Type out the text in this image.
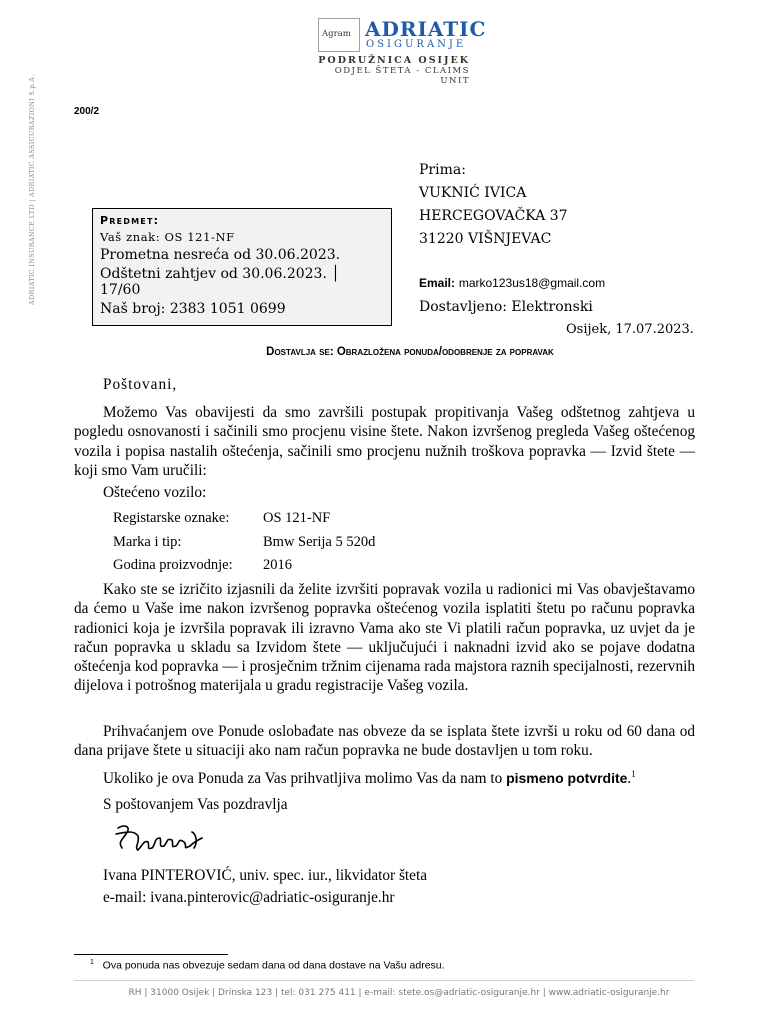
Agram ADRIATIC
OSIGURANJE
PODRUŽNICA OSIJEK
ODJEL ŠTETA - CLAIMS UNIT
ADRIATIC INSURANCE LTD | ADRIATIC ASSICURAZIONI S.p.A.	200/2
Prima:
VUKNIĆ IVICA
HERCEGOVAČKA 37
31220 VIŠNJEVAC
Predmet:
Vaš znak: OS 121-NF
Prometna nesreća od 30.06.2023.
Odštetni zahtjev od 30.06.2023. │ 17/60
Naš broj: 2383 1051 0699
Email: marko123us18@gmail.com
Dostavljeno: Elektronski
Osijek, 17.07.2023.
Dostavlja se: Obrazložena ponuda/odobrenje za popravak
Poštovani,
Možemo Vas obavijesti da smo završili postupak propitivanja Vašeg odštetnog zahtjeva u pogledu osnovanosti i sačinili smo procjenu visine štete. Nakon izvršenog pregleda Vašeg oštećenog vozila i popisa nastalih oštećenja, sačinili smo procjenu nužnih troškova popravka — Izvid štete — koji smo Vam uručili:
Oštećeno vozilo:
Registarske oznake: OS 121-NF
Marka i tip:	Bmw Serija 5 520d
Godina proizvodnje: 2016
Kako ste se izričito izjasnili da želite izvršiti popravak vozila u radionici mi Vas obavještavamo da ćemo u Vaše ime nakon izvršenog popravka oštećenog vozila isplatiti štetu po računu popravka radionici koja je izvršila popravak ili izravno Vama ako ste Vi platili račun popravka, uz uvjet da je račun popravka u skladu sa Izvidom štete — uključujući i naknadni izvid ako se pojave dodatna oštećenja kod popravka — i prosječnim tržnim cijenama rada majstora raznih specijalnosti, rezervnih dijelova i potrošnog materijala u gradu registracije Vašeg vozila.
Prihvaćanjem ove Ponude oslobađate nas obveze da se isplata štete izvrši u roku od 60 dana od dana prijave štete u situaciji ako nam račun popravka ne bude dostavljen u tom roku.
Ukoliko je ova Ponuda za Vas prihvatljiva molimo Vas da nam to pismeno potvrdite.$^1$
S poštovanjem Vas pozdravlja
Ivana PINTEROVIĆ, univ. spec. iur., likvidator šteta
e-mail: ivana.pinterovic@adriatic-osiguranje.hr
$^1$ Ova ponuda nas obvezuje sedam dana od dana dostave na Vašu adresu.
RH | 31000 Osijek | Drinska 123 | tel: 031 275 411 | e-mail: stete.os@adriatic-osiguranje.hr | www.adriatic-osiguranje.hr
